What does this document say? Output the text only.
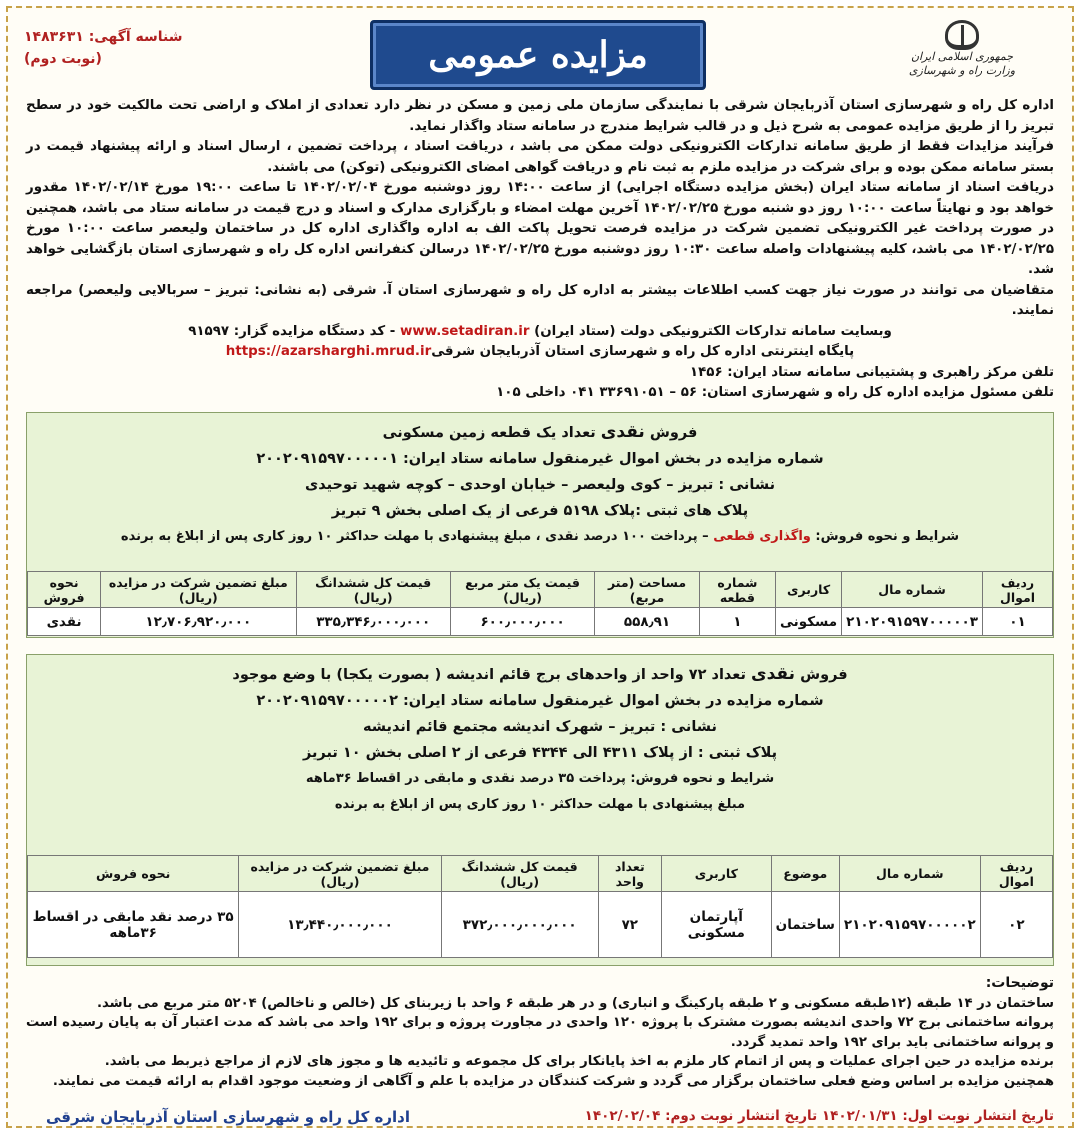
جمهوری اسلامی ایران
وزارت راه و شهرسازی
مزایده عمومی
شناسه آگهی: ۱۴۸۳۶۳۱
(نوبت دوم)

اداره کل راه و شهرسازی استان آذربایجان شرقی با نمایندگی سازمان ملی زمین و مسکن در نظر دارد تعدادی از املاک و اراضی تحت مالکیت خود در سطح تبریز را از طریق مزایده عمومی به شرح ذیل و در قالب شرایط مندرج در سامانه ستاد واگذار نماید.

فرآیند مزایدات فقط از طریق سامانه تدارکات الکترونیکی دولت ممکن می باشد ، دریافت اسناد ، پرداخت تضمین ، ارسال اسناد و ارائه پیشنهاد قیمت در بستر سامانه ممکن بوده و برای شرکت در مزایده ملزم به ثبت نام و دریافت گواهی امضای الکترونیکی (توکن) می باشند.

دریافت اسناد از سامانه ستاد ایران (بخش مزایده دستگاه اجرایی) از ساعت ۱۴:۰۰ روز دوشنبه مورخ ۱۴۰۲/۰۲/۰۴ تا ساعت ۱۹:۰۰ مورخ ۱۴۰۲/۰۲/۱۴ مقدور خواهد بود و نهایتاً ساعت ۱۰:۰۰ روز دو شنبه مورخ ۱۴۰۲/۰۲/۲۵ آخرین مهلت امضاء و بارگزاری مدارک و اسناد و درج قیمت در سامانه ستاد می باشد، همچنین در صورت پرداخت غیر الکترونیکی تضمین شرکت در مزایده فرصت تحویل پاکت الف به اداره واگذاری اداره کل در ساختمان ولیعصر ساعت ۱۰:۰۰ مورخ ۱۴۰۲/۰۲/۲۵ می باشد، کلیه پیشنهادات واصله ساعت ۱۰:۳۰ روز دوشنبه مورخ ۱۴۰۲/۰۲/۲۵ درسالن کنفرانس اداره کل راه و شهرسازی استان بازگشایی خواهد شد.

متقاضیان می توانند در صورت نیاز جهت کسب اطلاعات بیشتر به اداره کل راه و شهرسازی استان آ. شرقی (به نشانی: تبریز – سربالایی ولیعصر) مراجعه نمایند.

وبسایت سامانه تدارکات الکترونیکی دولت (ستاد ایران) www.setadiran.ir - کد دستگاه مزایده گزار: ۹۱۵۹۷

پایگاه اینترنتی اداره کل راه و شهرسازی استان آذربایجان شرقیhttps://azarsharghi.mrud.ir

تلفن مرکز راهبری و پشتیبانی سامانه ستاد ایران: ۱۴۵۶

تلفن مسئول مزایده اداره کل راه و شهرسازی استان: ۵۶ – ۳۳۶۹۱۰۵۱ ۰۴۱ داخلی ۱۰۵

فروش نقدی تعداد یک قطعه زمین مسکونی
شماره مزایده در بخش اموال غیرمنقول سامانه ستاد ایران: ۲۰۰۲۰۹۱۵۹۷۰۰۰۰۰۱
نشانی : تبریز – کوی ولیعصر – خیابان اوحدی – کوچه شهید توحیدی
پلاک های ثبتی :پلاک ۵۱۹۸ فرعی از یک اصلی بخش ۹ تبریز
شرایط و نحوه فروش: واگذاری قطعی – پرداخت ۱۰۰ درصد نقدی ، مبلغ پیشنهادی با مهلت حداکثر ۱۰ روز کاری پس از ابلاغ به برنده
ردیف اموال	شماره مال	کاربری	شماره قطعه	مساحت (متر مربع)	قیمت یک متر مربع (ریال)	قیمت کل ششدانگ (ریال)	مبلغ تضمین شرکت در مزایده (ریال)	نحوه فروش
۰۱	۲۱۰۲۰۹۱۵۹۷۰۰۰۰۰۳	مسکونی	۱	۵۵۸٫۹۱	۶۰۰٫۰۰۰٫۰۰۰	۳۳۵٫۳۴۶٫۰۰۰٫۰۰۰	۱۲٫۷۰۶٫۹۲۰٫۰۰۰	نقدی
فروش نقدی تعداد ۷۲ واحد از واحدهای برج قائم اندیشه ( بصورت یکجا) با وضع موجود
شماره مزایده در بخش اموال غیرمنقول سامانه ستاد ایران: ۲۰۰۲۰۹۱۵۹۷۰۰۰۰۰۲
نشانی : تبریز – شهرک اندیشه مجتمع قائم اندیشه
پلاک ثبتی : از پلاک ۴۳۱۱ الی ۴۳۴۴ فرعی از ۲ اصلی بخش ۱۰ تبریز
شرایط و نحوه فروش: پرداخت ۳۵ درصد نقدی و مابقی در اقساط ۳۶ماهه
مبلغ پیشنهادی با مهلت حداکثر ۱۰ روز کاری پس از ابلاغ به برنده
ردیف اموال	شماره مال	موضوع	کاربری	تعداد واحد	قیمت کل ششدانگ (ریال)	مبلغ تضمین شرکت در مزایده (ریال)	نحوه فروش
۰۲	۲۱۰۲۰۹۱۵۹۷۰۰۰۰۰۲	ساختمان	آپارتمان مسکونی	۷۲	۳۷۲٫۰۰۰٫۰۰۰٫۰۰۰	۱۳٫۴۴۰٫۰۰۰٫۰۰۰	۳۵ درصد نقد مابقی در اقساط ۳۶ماهه
توضیحات:
ساختمان در ۱۴ طبقه (۱۲طبقه مسکونی و ۲ طبقه پارکینگ و انباری) و در هر طبقه ۶ واحد با زیربنای کل (خالص و ناخالص) ۵۲۰۴ متر مربع می باشد.
پروانه ساختمانی برج ۷۲ واحدی اندیشه بصورت مشترک با پروژه ۱۲۰ واحدی در مجاورت پروژه و برای ۱۹۲ واحد می باشد که مدت اعتبار آن به پایان رسیده است و پروانه ساختمانی باید برای ۱۹۲ واحد تمدید گردد.
برنده مزایده در حین اجرای عملیات و پس از اتمام کار ملزم به اخذ پایانکار برای کل مجموعه و تائیدیه ها و مجوز های لازم از مراجع ذیربط می باشد.
همچنین مزایده بر اساس وضع فعلی ساختمان برگزار می گردد و شرکت کنندگان در مزایده با علم و آگاهی از وضعیت موجود اقدام به ارائه قیمت می نمایند.
تاریخ انتشار نوبت اول: ۱۴۰۲/۰۱/۳۱ تاریخ انتشار نوبت دوم: ۱۴۰۲/۰۲/۰۴
اداره کل راه و شهرسازی استان آذربایجان شرقی
